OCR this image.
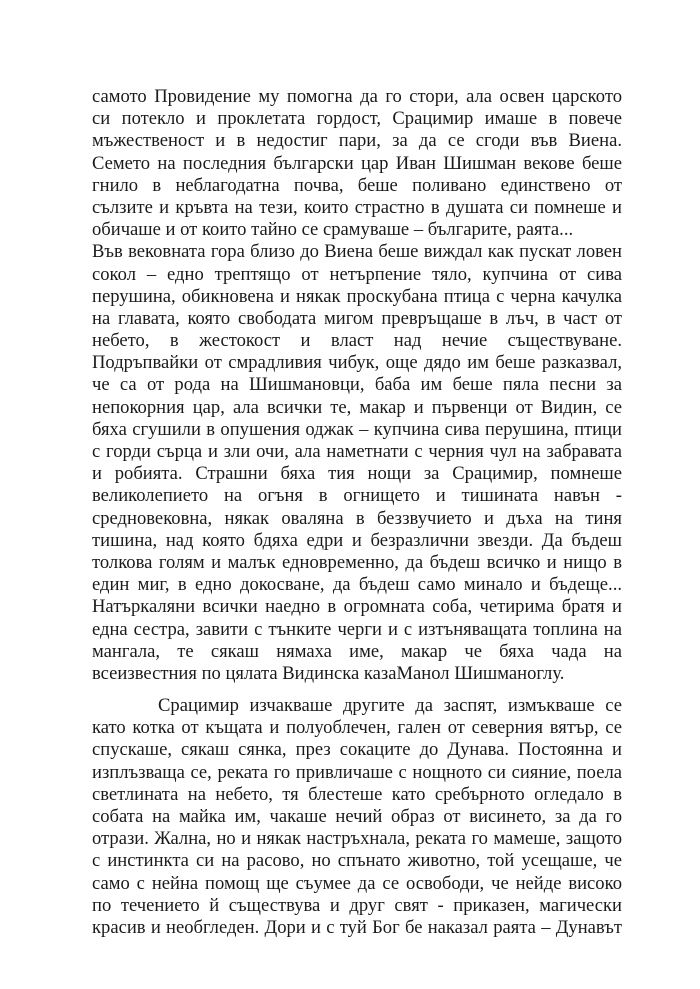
самото Провидение му помогна да го стори, ала освен царското
си потекло и проклетата гордост, Срацимир имаше в повече
мъжественост и в недостиг пари, за да се сгоди във Виена.
Семето на последния български цар Иван Шишман векове беше
гнило в неблагодатна почва, беше поливано единствено от
сълзите и кръвта на тези, които страстно в душата си помнеше и
обичаше и от които тайно се срамуваше – българите, раята...
Във вековната гора близо до Виена беше виждал как пускат ловен
сокол – едно трептящо от нетърпение тяло, купчина от сива
перушина, обикновена и някак проскубана птица с черна качулка
на главата, която свободата мигом превръщаше в лъч, в част от
небето, в жестокост и власт над нечие съществуване.
Подръпвайки от смрадливия чибук, още дядо им беше разказвал,
че са от рода на Шишмановци, баба им беше пяла песни за
непокорния цар, ала всички те, макар и първенци от Видин, се
бяха сгушили в опушения оджак – купчина сива перушина, птици
с горди сърца и зли очи, ала наметнати с черния чул на забравата
и робията. Страшни бяха тия нощи за Срацимир, помнеше
великолепието на огъня в огнището и тишината навън -
средновековна, някак оваляна в беззвучието и дъха на тиня
тишина, над която бдяха едри и безразлични звезди. Да бъдеш
толкова голям и малък едновременно, да бъдеш всичко и нищо в
един миг, в едно докосване, да бъдеш само минало и бъдеще...
Натъркаляни всички наедно в огромната соба, четирима братя и
една сестра, завити с тънките черги и с изтъняващата топлина на
мангала, те сякаш нямаха име, макар че бяха чада на
всеизвестния по цялата Видинска казаМанол Шишманоглу.
Срацимир изчакваше другите да заспят, измъкваше се
като котка от къщата и полуоблечен, гален от северния вятър, се
спускаше, сякаш сянка, през сокаците до Дунава. Постоянна и
изплъзваща се, реката го привличаше с нощното си сияние, поела
светлината на небето, тя блестеше като сребърното огледало в
собата на майка им, чакаше нечий образ от висинето, за да го
отрази. Жална, но и някак настръхнала, реката го мамеше, защото
с инстинкта си на расово, но спънато животно, той усещаше, че
само с нейна помощ ще съумее да се освободи, че нейде високо
по течението й съществува и друг свят - приказен, магически
красив и необгледен. Дори и с туй Бог бе наказал раята – Дунавът
